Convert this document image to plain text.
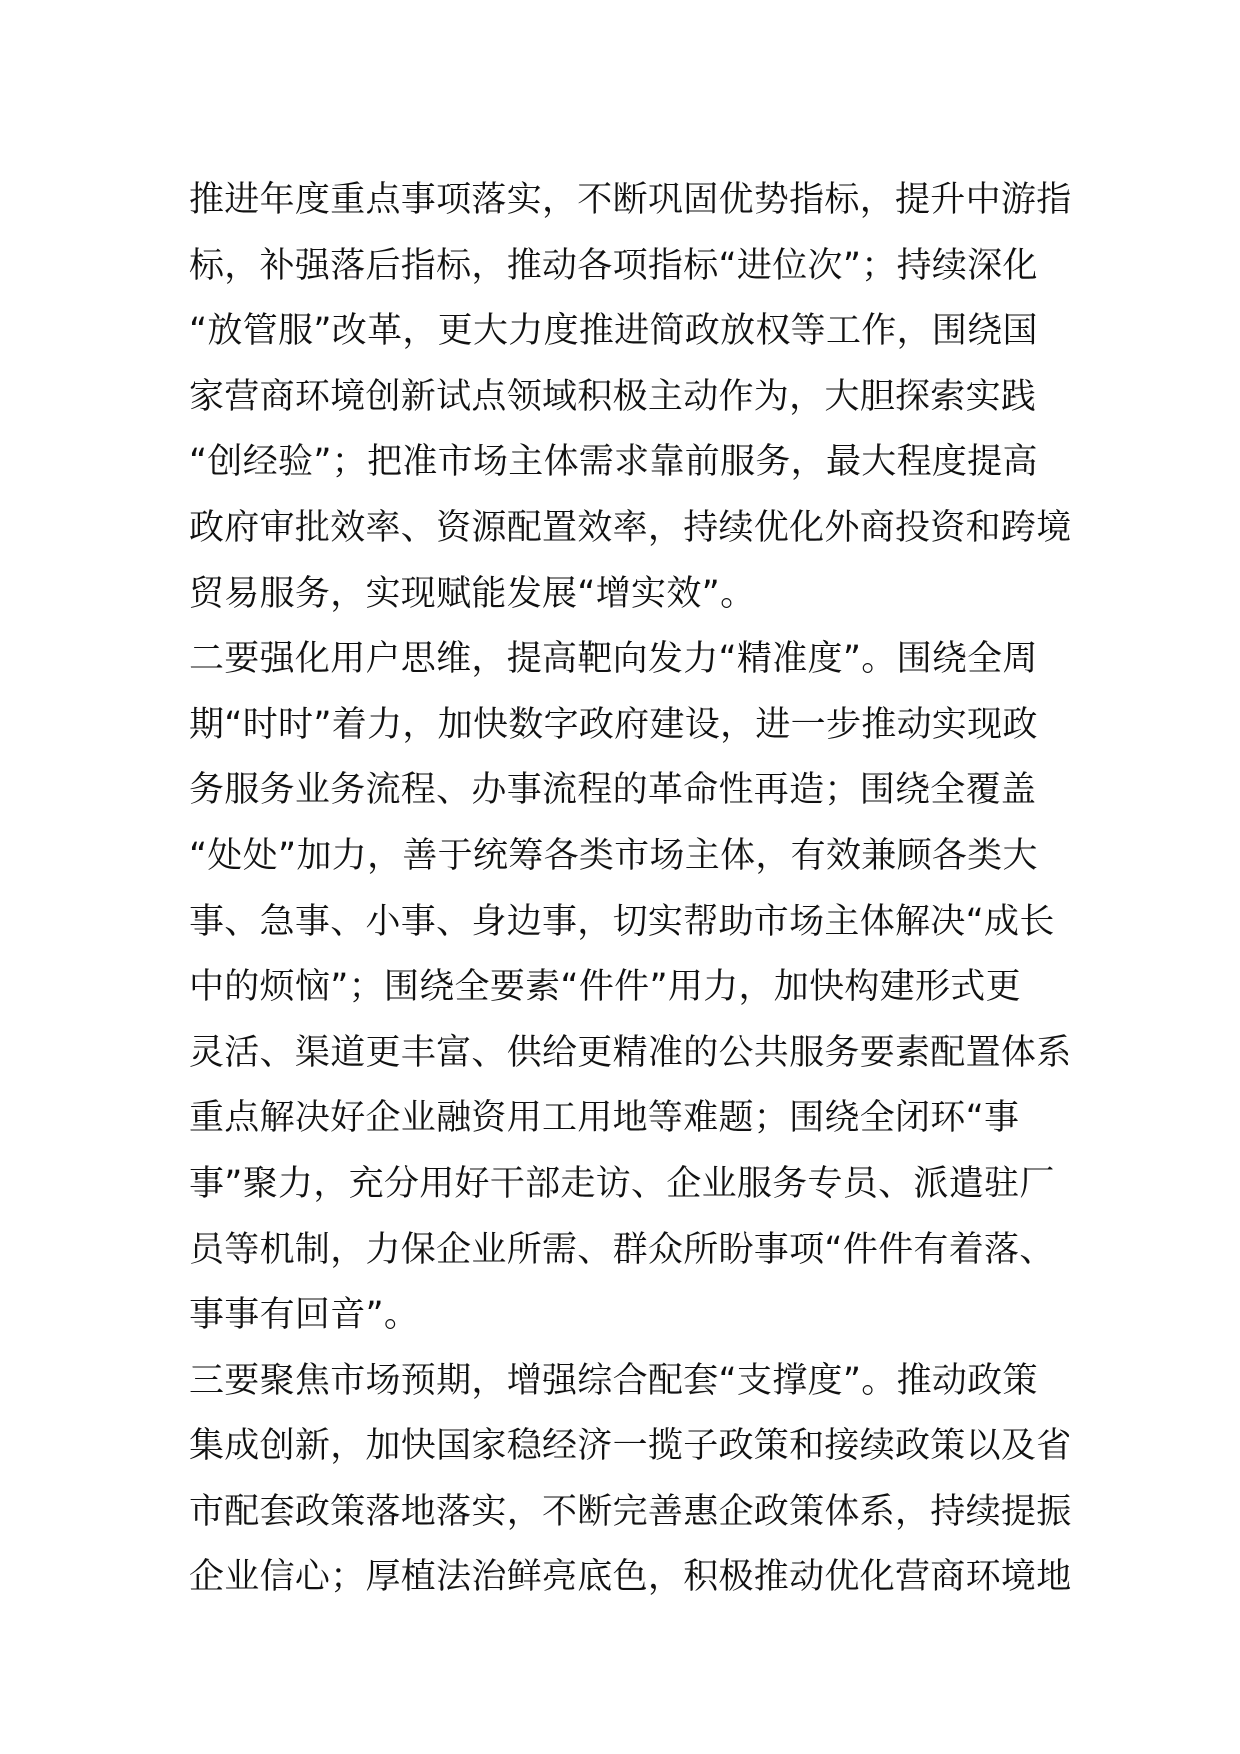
推进年度重点事项落实，不断巩固优势指标，提升中游指
标，补强落后指标，推动各项指标“进位次”；持续深化
“放管服”改革，更大力度推进简政放权等工作，围绕国
家营商环境创新试点领域积极主动作为，大胆探索实践
“创经验”；把准市场主体需求靠前服务，最大程度提高
政府审批效率、资源配置效率，持续优化外商投资和跨境
贸易服务，实现赋能发展“增实效”。
二要强化用户思维，提高靶向发力“精准度”。围绕全周
期“时时”着力，加快数字政府建设，进一步推动实现政
务服务业务流程、办事流程的革命性再造；围绕全覆盖
“处处”加力，善于统筹各类市场主体，有效兼顾各类大
事、急事、小事、身边事，切实帮助市场主体解决“成长
中的烦恼”；围绕全要素“件件”用力，加快构建形式更
灵活、渠道更丰富、供给更精准的公共服务要素配置体系
重点解决好企业融资用工用地等难题；围绕全闭环“事
事”聚力，充分用好干部走访、企业服务专员、派遣驻厂
员等机制，力保企业所需、群众所盼事项“件件有着落、
事事有回音”。
三要聚焦市场预期，增强综合配套“支撑度”。推动政策
集成创新，加快国家稳经济一揽子政策和接续政策以及省
市配套政策落地落实，不断完善惠企政策体系，持续提振
企业信心；厚植法治鲜亮底色，积极推动优化营商环境地
